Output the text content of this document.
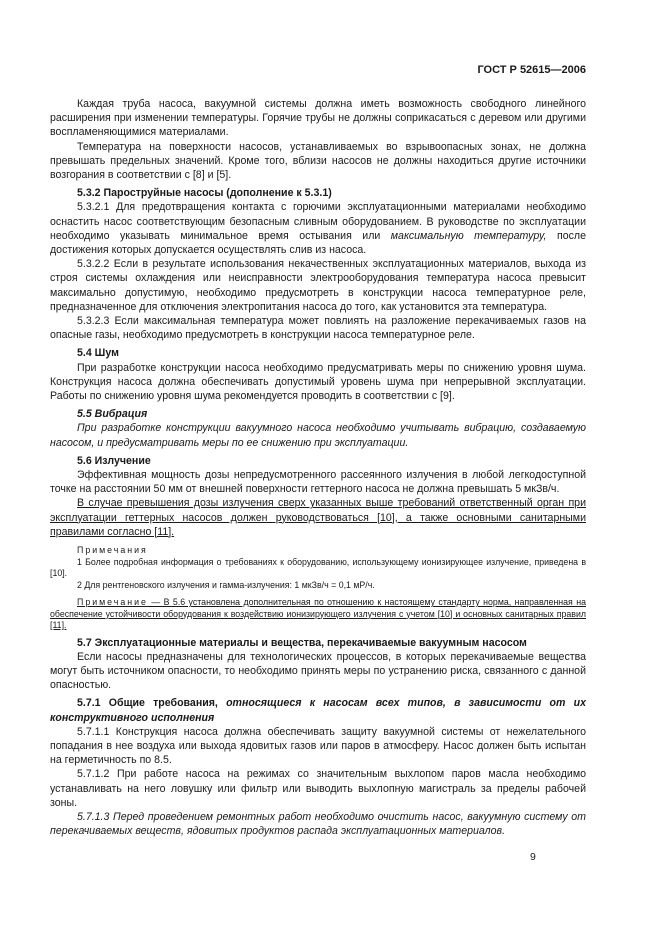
ГОСТ Р 52615—2006

Каждая труба насоса, вакуумной системы должна иметь возможность свободного линейного расширения при изменении температуры. Горячие трубы не должны соприкасаться с деревом или другими воспламеняющимися материалами.

Температура на поверхности насосов, устанавливаемых во взрывоопасных зонах, не должна превышать предельных значений. Кроме того, вблизи насосов не должны находиться другие источники возгорания в соответствии с [8] и [5].

5.3.2 Пароструйные насосы (дополнение к 5.3.1)

5.3.2.1 Для предотвращения контакта с горючими эксплуатационными материалами необходимо оснастить насос соответствующим безопасным сливным оборудованием. В руководстве по эксплуатации необходимо указывать минимальное время остывания или максимальную температуру, после достижения которых допускается осуществлять слив из насоса.

5.3.2.2 Если в результате использования некачественных эксплуатационных материалов, выхода из строя системы охлаждения или неисправности электрооборудования температура насоса превысит максимально допустимую, необходимо предусмотреть в конструкции насоса температурное реле, предназначенное для отключения электропитания насоса до того, как установится эта температура.

5.3.2.3 Если максимальная температура может повлиять на разложение перекачиваемых газов на опасные газы, необходимо предусмотреть в конструкции насоса температурное реле.

5.4 Шум

При разработке конструкции насоса необходимо предусматривать меры по снижению уровня шума. Конструкция насоса должна обеспечивать допустимый уровень шума при непрерывной эксплуатации. Работы по снижению уровня шума рекомендуется проводить в соответствии с [9].

5.5 Вибрация

При разработке конструкции вакуумного насоса необходимо учитывать вибрацию, создаваемую насосом, и предусматривать меры по ее снижению при эксплуатации.

5.6 Излучение

Эффективная мощность дозы непредусмотренного рассеянного излучения в любой легкодоступной точке на расстоянии 50 мм от внешней поверхности геттерного насоса не должна превышать 5 мкЗв/ч.

В случае превышения дозы излучения сверх указанных выше требований ответственный орган при эксплуатации геттерных насосов должен руководствоваться [10], а также основными санитарными правилами согласно [11].

Примечания

1 Более подробная информация о требованиях к оборудованию, использующему ионизирующее излучение, приведена в [10].

2 Для рентгеновского излучения и гамма-излучения: 1 мкЗв/ч = 0,1 мР/ч.

Примечание — В 5.6 установлена дополнительная по отношению к настоящему стандарту норма, направленная на обеспечение устойчивости оборудования к воздействию ионизирующего излучения с учетом [10] и основных санитарных правил [11].

5.7 Эксплуатационные материалы и вещества, перекачиваемые вакуумным насосом

Если насосы предназначены для технологических процессов, в которых перекачиваемые вещества могут быть источником опасности, то необходимо принять меры по устранению риска, связанного с данной опасностью.

5.7.1 Общие требования, относящиеся к насосам всех типов, в зависимости от их конструктивного исполнения

5.7.1.1 Конструкция насоса должна обеспечивать защиту вакуумной системы от нежелательного попадания в нее воздуха или выхода ядовитых газов или паров в атмосферу. Насос должен быть испытан на герметичность по 8.5.

5.7.1.2 При работе насоса на режимах со значительным выхлопом паров масла необходимо устанавливать на него ловушку или фильтр или выводить выхлопную магистраль за пределы рабочей зоны.

5.7.1.3 Перед проведением ремонтных работ необходимо очистить насос, вакуумную систему от перекачиваемых веществ, ядовитых продуктов распада эксплуатационных материалов.

9
